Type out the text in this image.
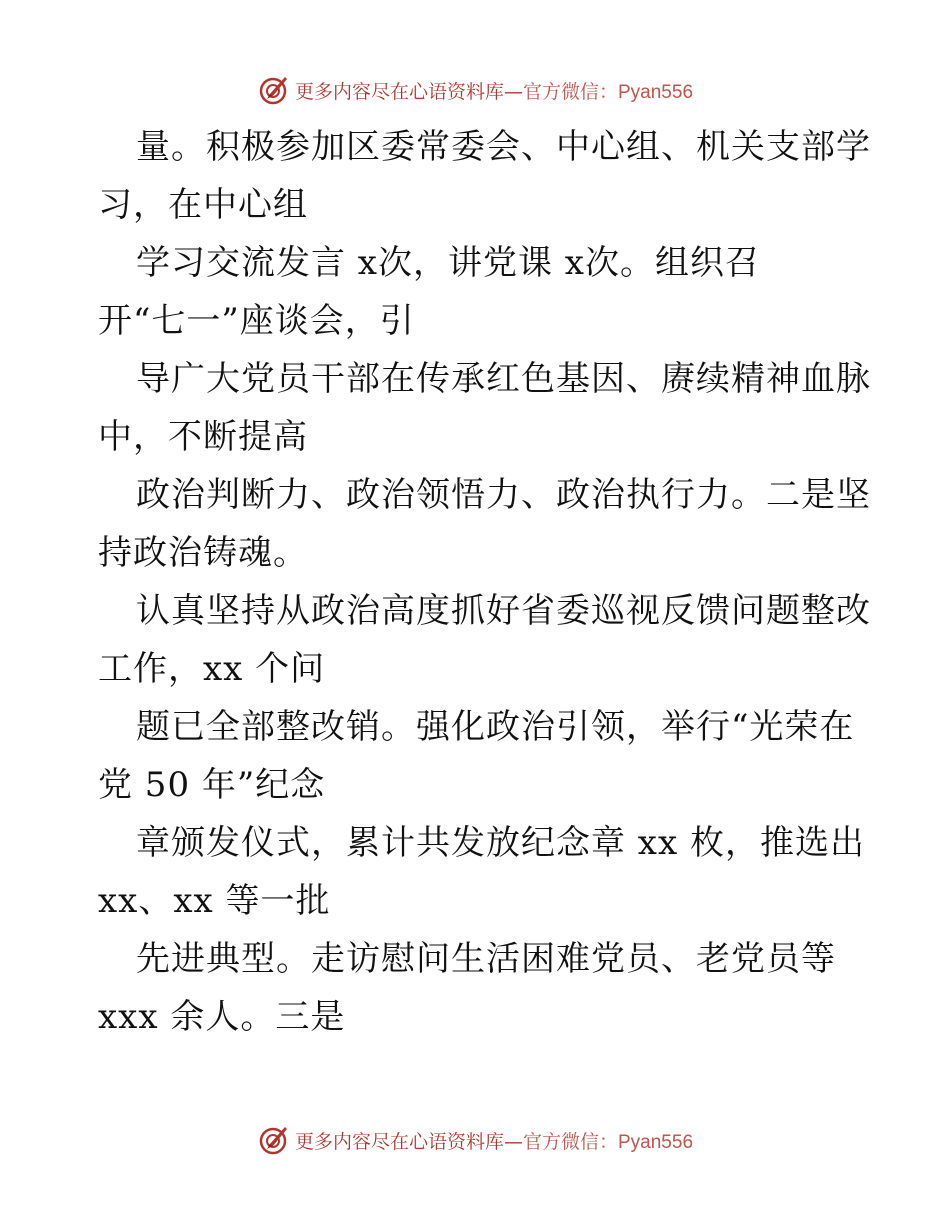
更多内容尽在心语资料库—官方微信：Pyan556
量。积极参加区委常委会、中心组、机关支部学
习，在中心组
学习交流发言 x次，讲党课 x次。组织召
开“七一”座谈会，引
导广大党员干部在传承红色基因、赓续精神血脉
中，不断提高
政治判断力、政治领悟力、政治执行力。二是坚
持政治铸魂。
认真坚持从政治高度抓好省委巡视反馈问题整改
工作，xx 个问
题已全部整改销。强化政治引领，举行“光荣在
党 50 年”纪念
章颁发仪式，累计共发放纪念章 xx 枚，推选出
xx、xx 等一批
先进典型。走访慰问生活困难党员、老党员等
xxx 余人。三是
更多内容尽在心语资料库—官方微信：Pyan556
